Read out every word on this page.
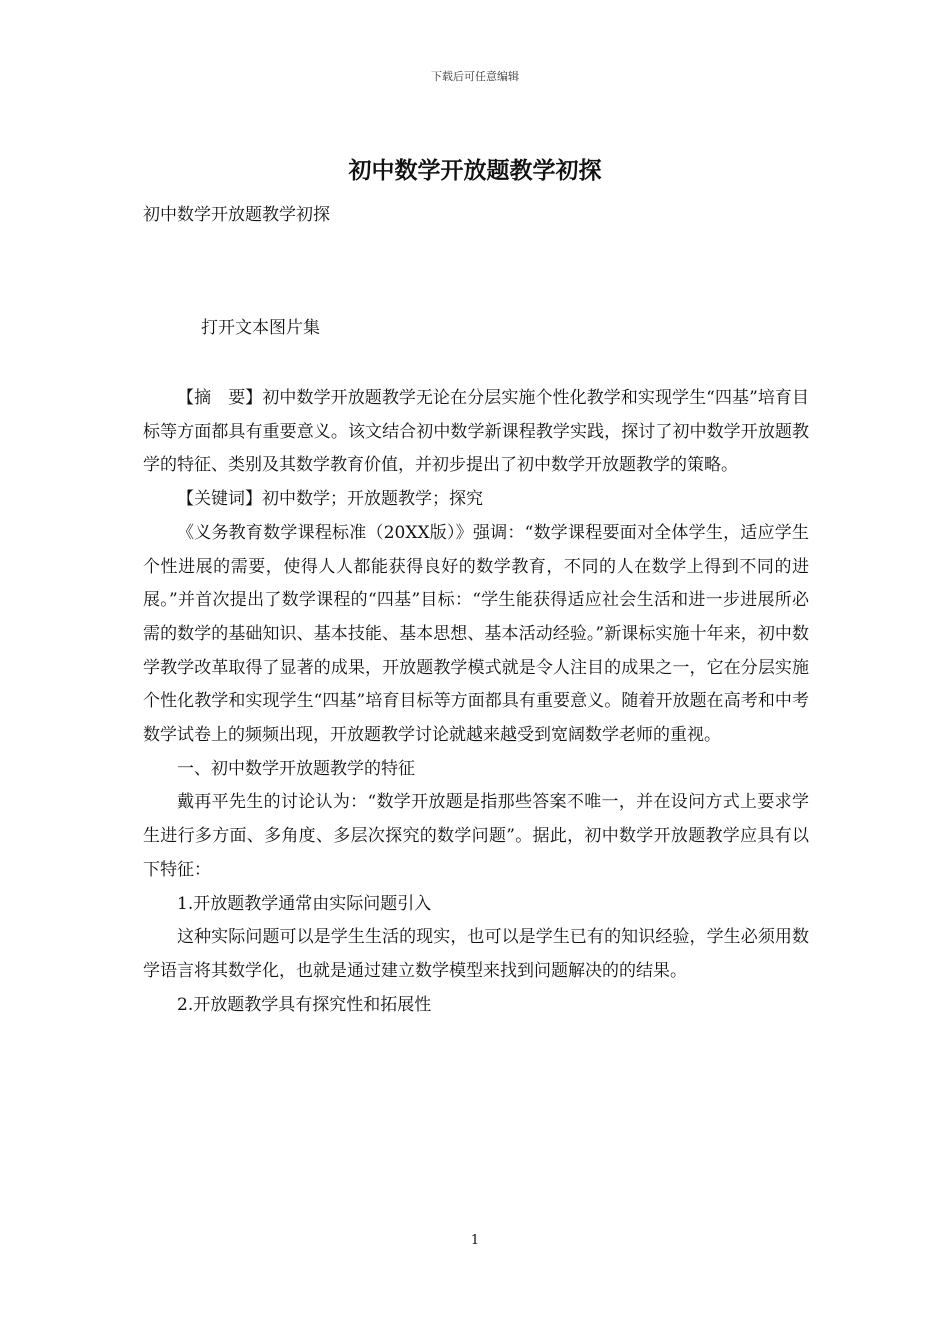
下载后可任意编辑
初中数学开放题教学初探

初中数学开放题教学初探

打开文本图片集

【摘　要】初中数学开放题教学无论在分层实施个性化教学和实现学生“四基”培育目标等方面都具有重要意义。该文结合初中数学新课程教学实践，探讨了初中数学开放题教学的特征、类别及其数学教育价值，并初步提出了初中数学开放题教学的策略。

【关键词】初中数学；开放题教学；探究

《义务教育数学课程标准（20XX版）》强调：“数学课程要面对全体学生，适应学生个性进展的需要，使得人人都能获得良好的数学教育，不同的人在数学上得到不同的进展。”并首次提出了数学课程的“四基”目标：“学生能获得适应社会生活和进一步进展所必需的数学的基础知识、基本技能、基本思想、基本活动经验。”新课标实施十年来，初中数学教学改革取得了显著的成果，开放题教学模式就是令人注目的成果之一，它在分层实施个性化教学和实现学生“四基”培育目标等方面都具有重要意义。随着开放题在高考和中考数学试卷上的频频出现，开放题教学讨论就越来越受到宽阔数学老师的重视。

一、初中数学开放题教学的特征

戴再平先生的讨论认为：“数学开放题是指那些答案不唯一，并在设问方式上要求学生进行多方面、多角度、多层次探究的数学问题”。据此，初中数学开放题教学应具有以下特征：

1.开放题教学通常由实际问题引入

这种实际问题可以是学生生活的现实，也可以是学生已有的知识经验，学生必须用数学语言将其数学化，也就是通过建立数学模型来找到问题解决的的结果。

2.开放题教学具有探究性和拓展性

1
